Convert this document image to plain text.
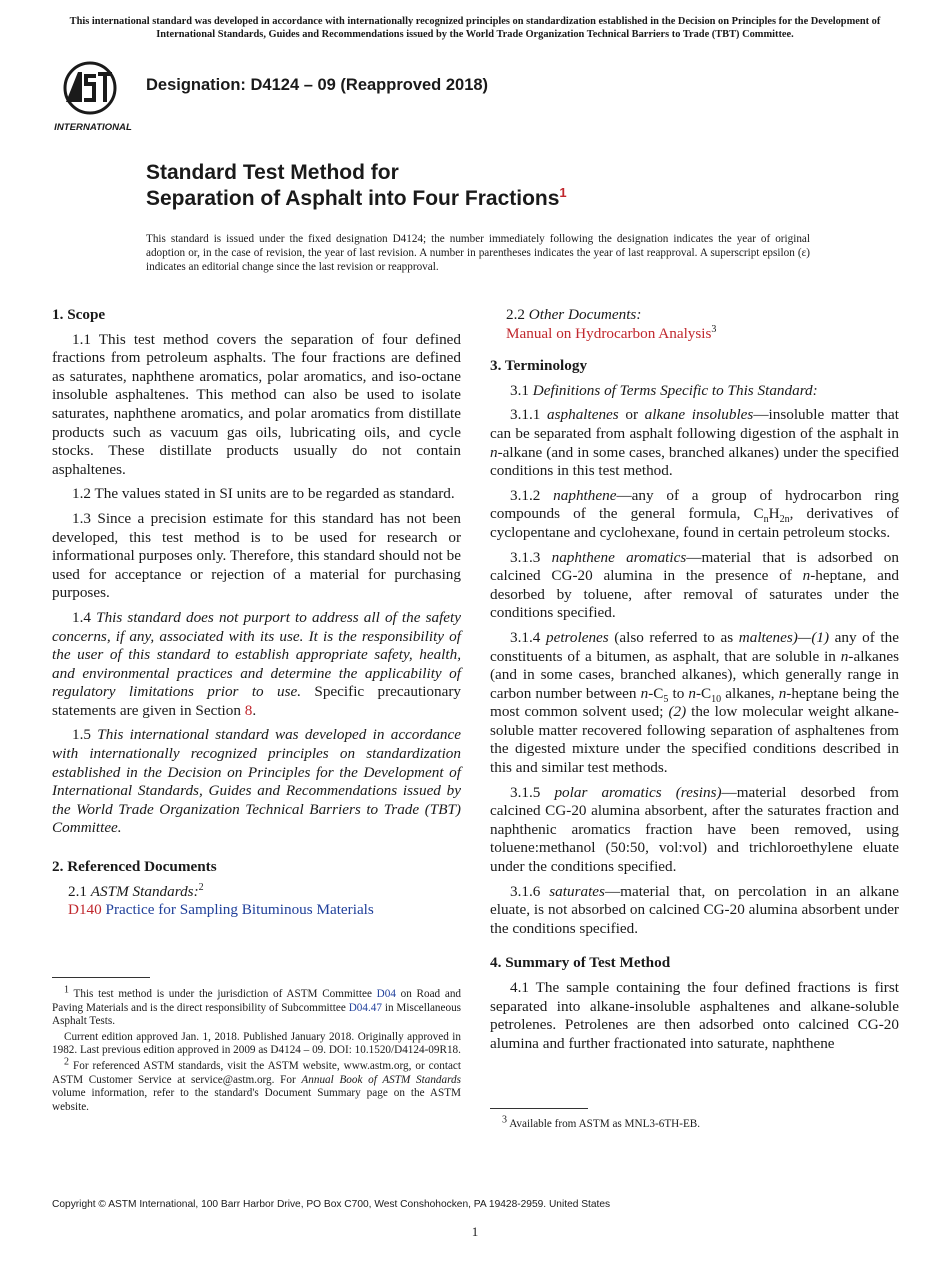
This international standard was developed in accordance with internationally recognized principles on standardization established in the Decision on Principles for the Development of International Standards, Guides and Recommendations issued by the World Trade Organization Technical Barriers to Trade (TBT) Committee.
INTERNATIONAL
Designation: D4124 – 09 (Reapproved 2018)
Standard Test Method for
Separation of Asphalt into Four Fractions$^1$
This standard is issued under the fixed designation D4124; the number immediately following the designation indicates the year of original adoption or, in the case of revision, the year of last revision. A number in parentheses indicates the year of last reapproval. A superscript epsilon (ε) indicates an editorial change since the last revision or reapproval.
1. Scope

1.1 This test method covers the separation of four defined fractions from petroleum asphalts. The four fractions are defined as saturates, naphthene aromatics, polar aromatics, and iso-octane insoluble asphaltenes. This method can also be used to isolate saturates, naphthene aromatics, and polar aromatics from distillate products such as vacuum gas oils, lubricating oils, and cycle stocks. These distillate products usually do not contain asphaltenes.

1.2 The values stated in SI units are to be regarded as standard.

1.3 Since a precision estimate for this standard has not been developed, this test method is to be used for research or informational purposes only. Therefore, this standard should not be used for acceptance or rejection of a material for purchasing purposes.

1.4 This standard does not purport to address all of the safety concerns, if any, associated with its use. It is the responsibility of the user of this standard to establish appropriate safety, health, and environmental practices and determine the applicability of regulatory limitations prior to use. Specific precautionary statements are given in Section 8.

1.5 This international standard was developed in accordance with internationally recognized principles on standardization established in the Decision on Principles for the Development of International Standards, Guides and Recommendations issued by the World Trade Organization Technical Barriers to Trade (TBT) Committee.

2. Referenced Documents

2.1 ASTM Standards:$^2$

D140 Practice for Sampling Bituminous Materials

$^1$ This test method is under the jurisdiction of ASTM Committee D04 on Road and Paving Materials and is the direct responsibility of Subcommittee D04.47 in Miscellaneous Asphalt Tests.

Current edition approved Jan. 1, 2018. Published January 2018. Originally approved in 1982. Last previous edition approved in 2009 as D4124 – 09. DOI: 10.1520/D4124-09R18.

$^2$ For referenced ASTM standards, visit the ASTM website, www.astm.org, or contact ASTM Customer Service at service@astm.org. For Annual Book of ASTM Standards volume information, refer to the standard's Document Summary page on the ASTM website.

2.2 Other Documents:

Manual on Hydrocarbon Analysis$^3$

3. Terminology

3.1 Definitions of Terms Specific to This Standard:

3.1.1 asphaltenes or alkane insolubles—insoluble matter that can be separated from asphalt following digestion of the asphalt in n-alkane (and in some cases, branched alkanes) under the specified conditions in this test method.

3.1.2 naphthene—any of a group of hydrocarbon ring compounds of the general formula, $C_nH_{2n}$, derivatives of cyclopentane and cyclohexane, found in certain petroleum stocks.

3.1.3 naphthene aromatics—material that is adsorbed on calcined CG-20 alumina in the presence of n-heptane, and desorbed by toluene, after removal of saturates under the conditions specified.

3.1.4 petrolenes (also referred to as maltenes)—(1) any of the constituents of a bitumen, as asphalt, that are soluble in n-alkanes (and in some cases, branched alkanes), which generally range in carbon number between $n-C_5$ to $n-C_{10}$ alkanes, n-heptane being the most common solvent used; (2) the low molecular weight alkane-soluble matter recovered following separation of asphaltenes from the digested mixture under the specified conditions described in this and similar test methods.

3.1.5 polar aromatics (resins)—material desorbed from calcined CG-20 alumina absorbent, after the saturates fraction and naphthenic aromatics fraction have been removed, using toluene:methanol (50:50, vol:vol) and trichloroethylene eluate under the conditions specified.

3.1.6 saturates—material that, on percolation in an alkane eluate, is not absorbed on calcined CG-20 alumina absorbent under the conditions specified.

4. Summary of Test Method

4.1 The sample containing the four defined fractions is first separated into alkane-insoluble asphaltenes and alkane-soluble petrolenes. Petrolenes are then adsorbed onto calcined CG-20 alumina and further fractionated into saturate, naphthene

$^3$ Available from ASTM as MNL3-6TH-EB.

Copyright © ASTM International, 100 Barr Harbor Drive, PO Box C700, West Conshohocken, PA 19428-2959. United States
1
